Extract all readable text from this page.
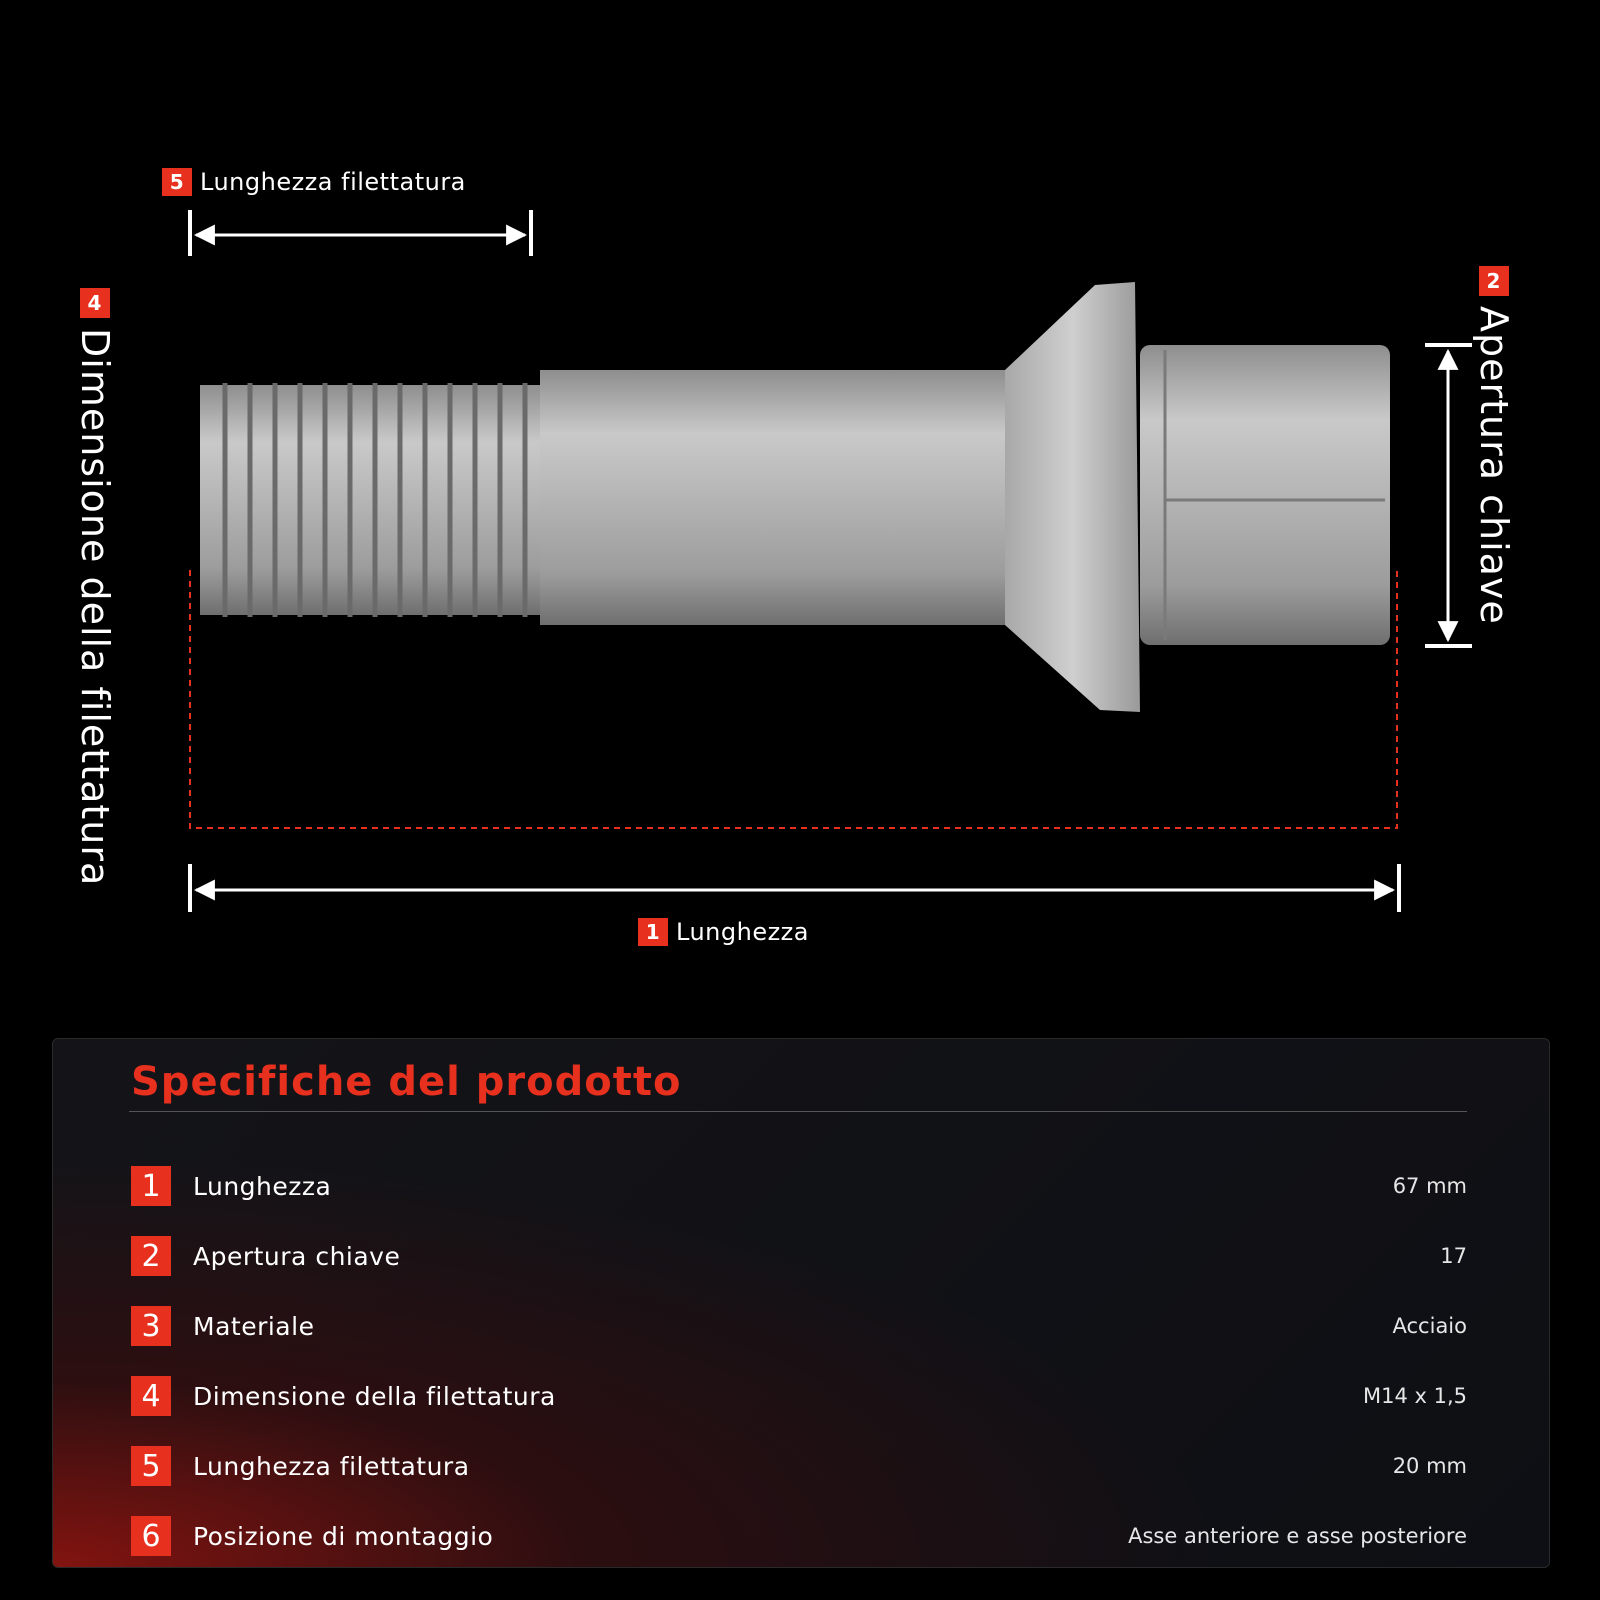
5 Lunghezza filettatura
1 Lunghezza
4
Dimensione della filettatura
2
Apertura chiave
Specifiche del prodotto
1	Lunghezza	67 mm
2	Apertura chiave	17
3	Materiale	Acciaio
4	Dimensione della filettatura	M14 x 1,5
5	Lunghezza filettatura	20 mm
6	Posizione di montaggio	Asse anteriore e asse posteriore
